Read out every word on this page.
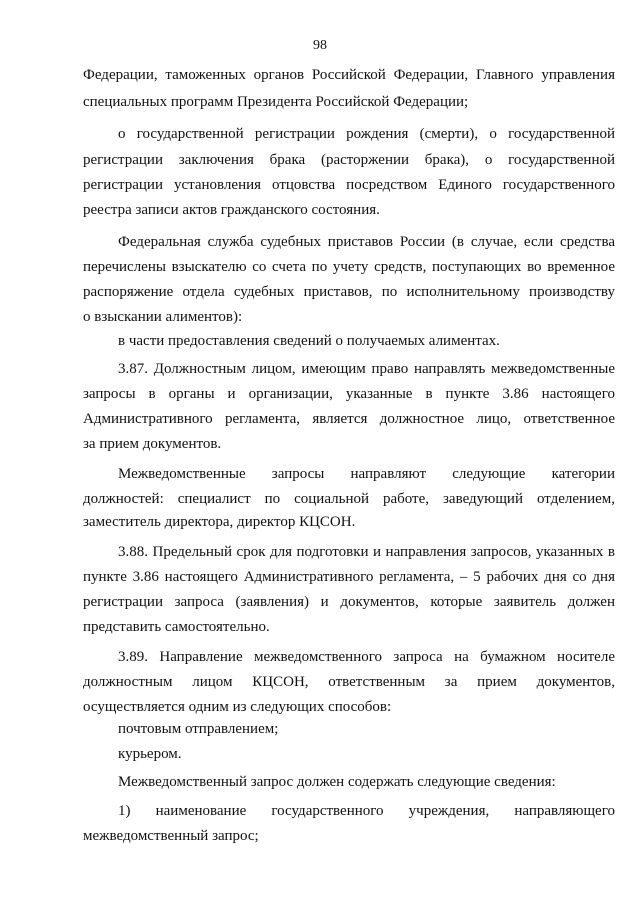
98
Федерации, таможенных органов Российской Федерации, Главного управления
специальных программ Президента Российской Федерации;
о государственной регистрации рождения (смерти), о государственной
регистрации заключения брака (расторжении брака), о государственной
регистрации установления отцовства посредством Единого государственного
реестра записи актов гражданского состояния.
Федеральная служба судебных приставов России (в случае, если средства
перечислены взыскателю со счета по учету средств, поступающих во временное
распоряжение отдела судебных приставов, по исполнительному производству
о взыскании алиментов):
в части предоставления сведений о получаемых алиментах.
3.87. Должностным лицом, имеющим право направлять межведомственные
запросы в органы и организации, указанные в пункте 3.86 настоящего
Административного регламента, является должностное лицо, ответственное
за прием документов.
Межведомственные запросы направляют следующие категории
должностей: специалист по социальной работе, заведующий отделением,
заместитель директора, директор КЦСОН.
3.88. Предельный срок для подготовки и направления запросов, указанных в
пункте 3.86 настоящего Административного регламента, – 5 рабочих дня со дня
регистрации запроса (заявления) и документов, которые заявитель должен
представить самостоятельно.
3.89. Направление межведомственного запроса на бумажном носителе
должностным лицом КЦСОН, ответственным за прием документов,
осуществляется одним из следующих способов:
почтовым отправлением;
курьером.
Межведомственный запрос должен содержать следующие сведения:
1) наименование государственного учреждения, направляющего
межведомственный запрос;
